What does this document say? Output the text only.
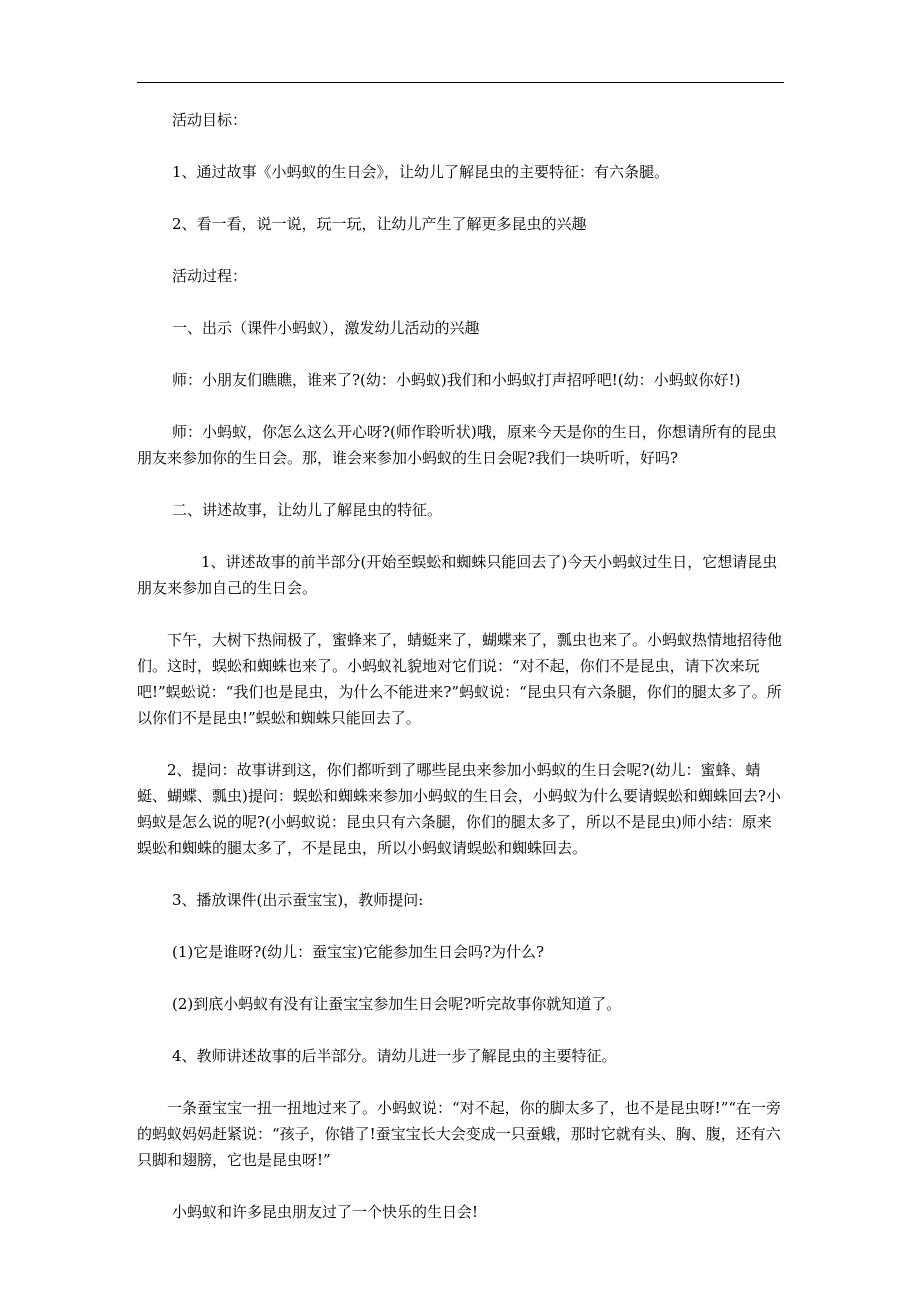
活动目标：

1、通过故事《小蚂蚁的生日会》，让幼儿了解昆虫的主要特征：有六条腿。

2、看一看，说一说，玩一玩，让幼儿产生了解更多昆虫的兴趣

活动过程：

一、出示（课件小蚂蚁），激发幼儿活动的兴趣

师：小朋友们瞧瞧，谁来了?(幼：小蚂蚁)我们和小蚂蚁打声招呼吧!(幼：小蚂蚁你好!)

师：小蚂蚁，你怎么这么开心呀?(师作聆听状)哦，原来今天是你的生日，你想请所有的昆虫朋友来参加你的生日会。那，谁会来参加小蚂蚁的生日会呢?我们一块听听，好吗?

二、讲述故事，让幼儿了解昆虫的特征。

1、讲述故事的前半部分(开始至蜈蚣和蜘蛛只能回去了)今天小蚂蚁过生日，它想请昆虫朋友来参加自己的生日会。

下午，大树下热闹极了，蜜蜂来了，蜻蜓来了，蝴蝶来了，瓢虫也来了。小蚂蚁热情地招待他们。这时，蜈蚣和蜘蛛也来了。小蚂蚁礼貌地对它们说：“对不起，你们不是昆虫，请下次来玩吧!”蜈蚣说：“我们也是昆虫，为什么不能进来?”蚂蚁说：“昆虫只有六条腿，你们的腿太多了。所以你们不是昆虫!”蜈蚣和蜘蛛只能回去了。

2、提问：故事讲到这，你们都听到了哪些昆虫来参加小蚂蚁的生日会呢?(幼儿：蜜蜂、蜻蜓、蝴蝶、瓢虫)提问：蜈蚣和蜘蛛来参加小蚂蚁的生日会，小蚂蚁为什么要请蜈蚣和蜘蛛回去?小蚂蚁是怎么说的呢?(小蚂蚁说：昆虫只有六条腿，你们的腿太多了，所以不是昆虫)师小结：原来蜈蚣和蜘蛛的腿太多了，不是昆虫，所以小蚂蚁请蜈蚣和蜘蛛回去。

3、播放课件(出示蚕宝宝)，教师提问:

(1)它是谁呀?(幼儿：蚕宝宝)它能参加生日会吗?为什么?

(2)到底小蚂蚁有没有让蚕宝宝参加生日会呢?听完故事你就知道了。

4、教师讲述故事的后半部分。请幼儿进一步了解昆虫的主要特征。

一条蚕宝宝一扭一扭地过来了。小蚂蚁说：“对不起，你的脚太多了，也不是昆虫呀!”“在一旁的蚂蚁妈妈赶紧说：“孩子，你错了!蚕宝宝长大会变成一只蚕蛾，那时它就有头、胸、腹，还有六只脚和翅膀，它也是昆虫呀!”

小蚂蚁和许多昆虫朋友过了一个快乐的生日会!
